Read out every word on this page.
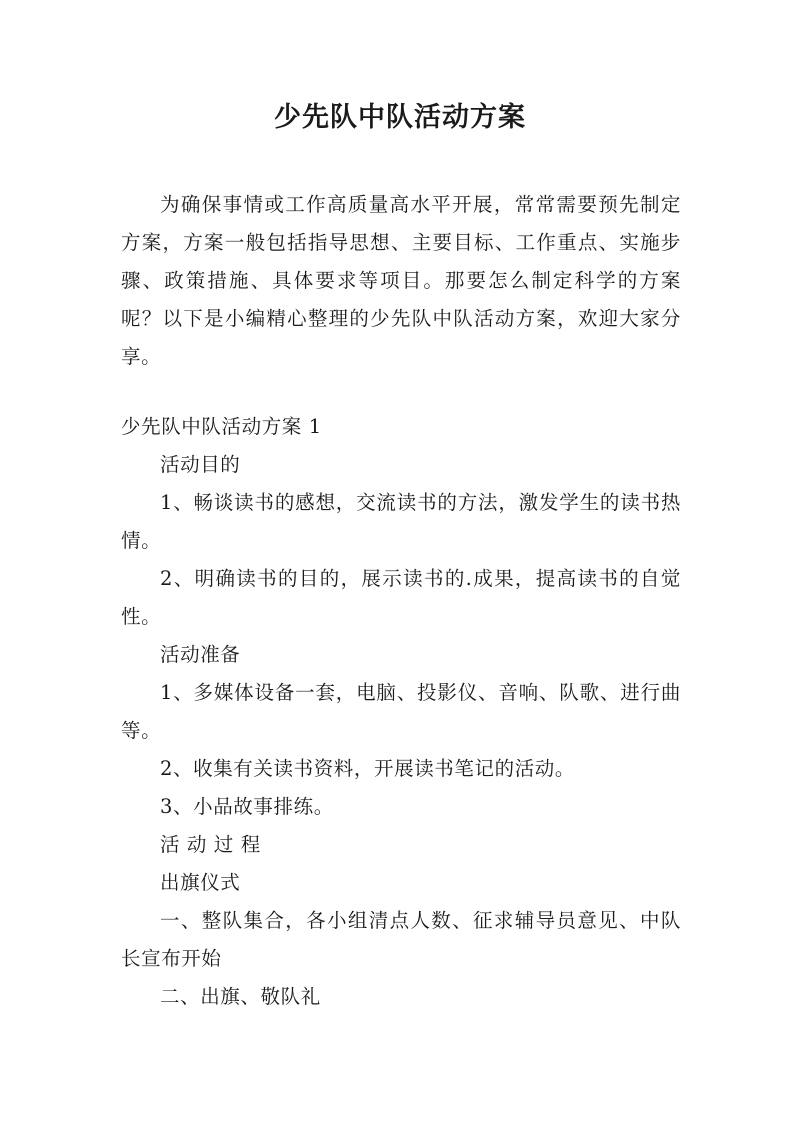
少先队中队活动方案

为确保事情或工作高质量高水平开展，常常需要预先制定方案，方案一般包括指导思想、主要目标、工作重点、实施步骤、政策措施、具体要求等项目。那要怎么制定科学的方案呢？以下是小编精心整理的少先队中队活动方案，欢迎大家分享。

少先队中队活动方案 1

活动目的

1、畅谈读书的感想，交流读书的方法，激发学生的读书热情。

2、明确读书的目的，展示读书的.成果，提高读书的自觉性。

活动准备

1、多媒体设备一套，电脑、投影仪、音响、队歌、进行曲等。

2、收集有关读书资料，开展读书笔记的活动。

3、小品故事排练。

活 动 过 程

出旗仪式

一、整队集合，各小组清点人数、征求辅导员意见、中队长宣布开始

二、出旗、敬队礼
